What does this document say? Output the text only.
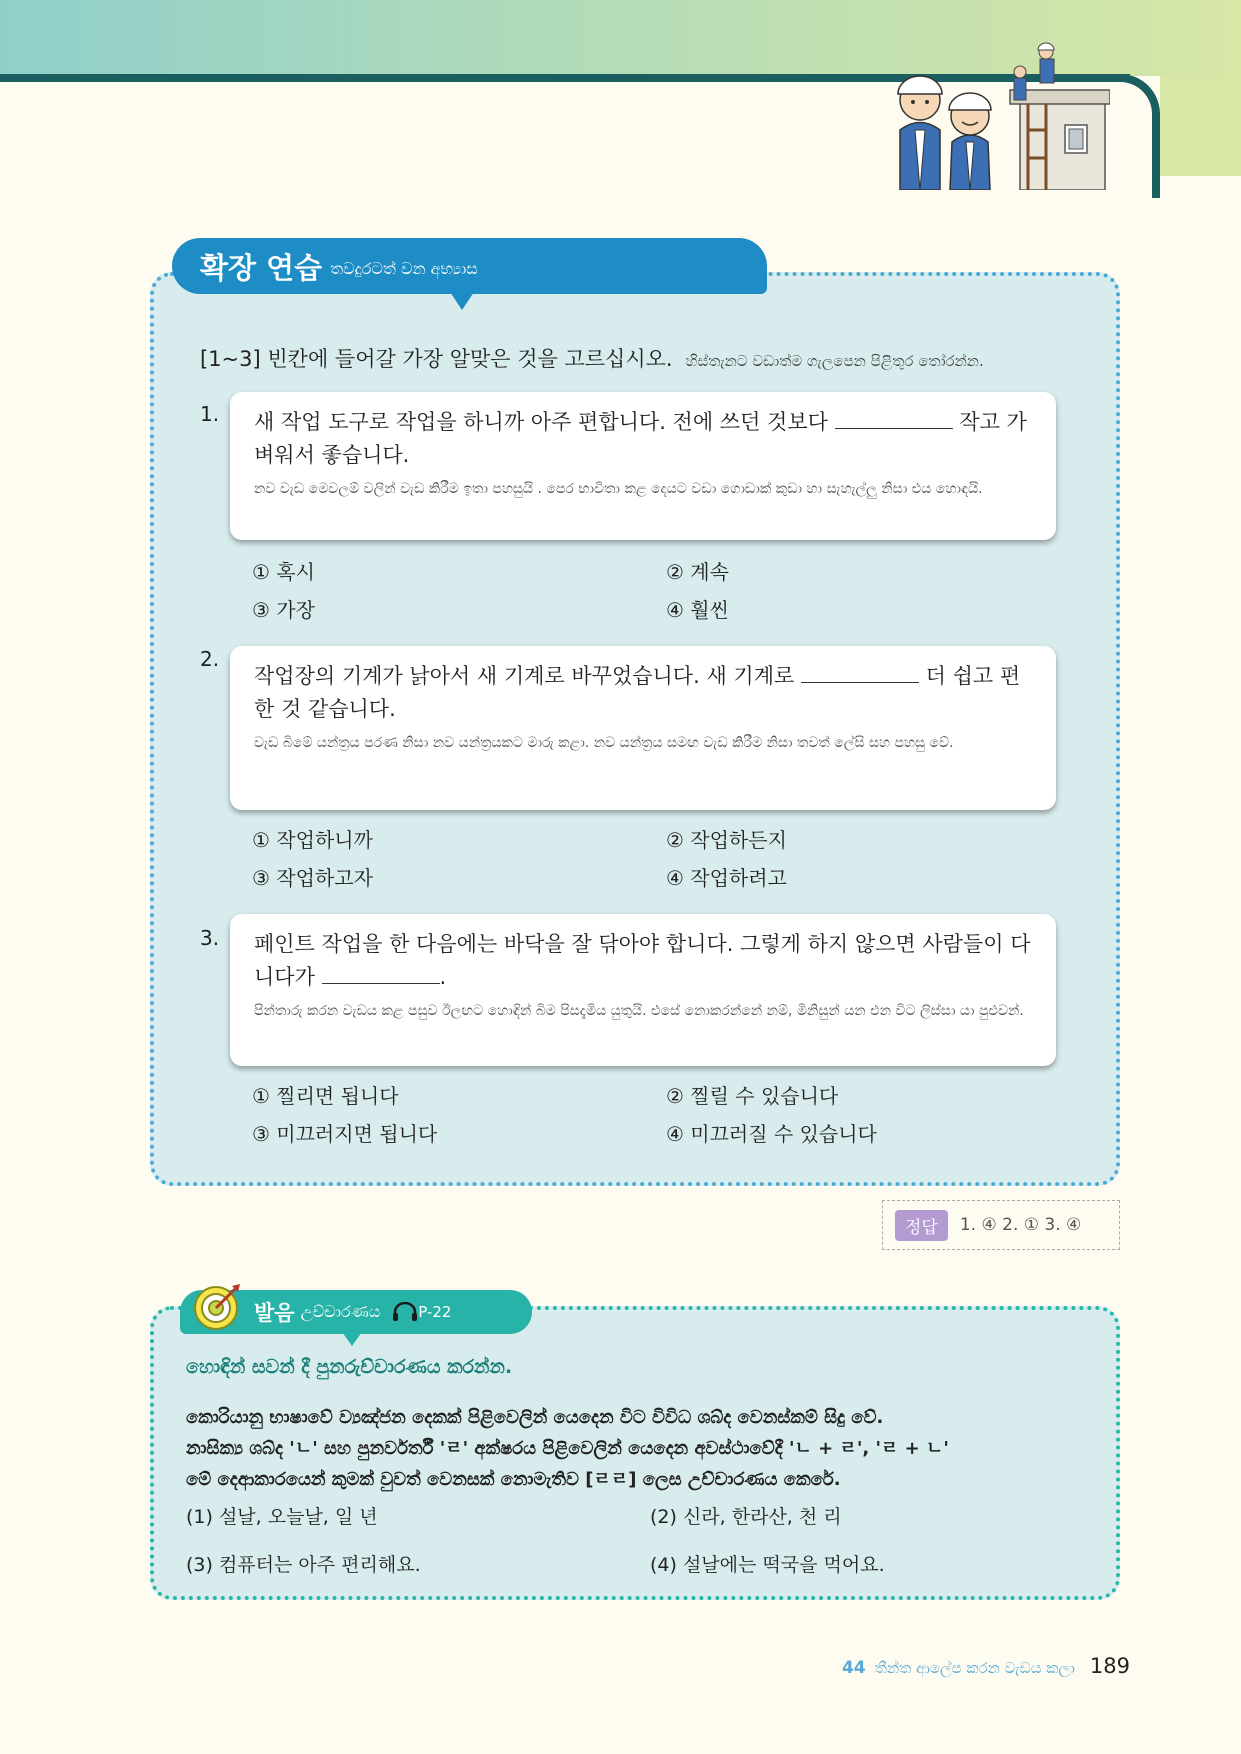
확장 연습 තවදුරටත් වන අභ්‍යාස
[1~3] 빈칸에 들어갈 가장 알맞은 것을 고르십시오. හිස්තැනට වඩාත්ම ගැලපෙන පිළිතුර තෝරන්න.
1. 새 작업 도구로 작업을 하니까 아주 편합니다. 전에 쓰던 것보다	작고 가
벼워서 좋습니다.
නව වැඩ මෙවලම් වලින් වැඩ කිරීම ඉතා පහසුයි . පෙර භාවිතා කළ දෙයට වඩා ගොඩාක් කුඩා හා සැහැල්ලු නිසා එය හොඳයි.
① 혹시	② 계속
③ 가장	④ 훨씬
2.
작업장의 기계가 낡아서 새 기계로 바꾸었습니다. 새 기계로	더 쉽고 편
한 것 같습니다.
වැඩ බිමේ යන්ත්‍රය පරණ නිසා නව යන්ත්‍රයකට මාරු කළා. නව යන්ත්‍රය සමඟ වැඩ කිරීම නිසා තවත් ලේසි සහ පහසු වේ.
① 작업하니까	② 작업하든지
③ 작업하고자	④ 작업하려고
3. 페인트 작업을 한 다음에는 바닥을 잘 닦아야 합니다. 그렇게 하지 않으면 사람들이 다
니다가	.
පින්තාරු කරන වැඩය කළ පසුව ඊලඟට හොඳින් බිම පිසදැමිය යුතුයි. එසේ නොකරන්නේ නම්, මිනිසුන් යන එන විට ලිස්සා යා පුළුවන්.
① 찔리면 됩니다	② 찔릴 수 있습니다
③ 미끄러지면 됩니다	④ 미끄러질 수 있습니다
정답	1. ④ 2. ① 3. ④
발음 උච්චාරණය	P-22
හොඳින් සවන් දී පුනරුච්චාරණය කරන්න.
කොරියානු භාෂාවේ ව්‍යඤ්ජන දෙකක් පිළිවෙලින් යෙදෙන විට විවිධ ශබ්ද වෙනස්කම් සිදු වේ.
නාසික්‍ය ශබ්ද 'ㄴ' සහ පුනර්වර්තී 'ㄹ' අක්ෂරය පිළිවෙලින් යෙදෙන අවස්ථාවේදී 'ㄴ + ㄹ', 'ㄹ + ㄴ'
මේ දෙආකාරයෙන් කුමක් වුවත් වෙනසක් නොමැතිව [ㄹㄹ] ලෙස උච්චාරණය කෙරේ.
(1) 설날, 오늘날, 일 년	(2) 신라, 한라산, 천 리
(3) 컴퓨터는 아주 편리해요.	(4) 설날에는 떡국을 먹어요.
44 තීන්ත ආලේප කරන වැඩය කලා 189
